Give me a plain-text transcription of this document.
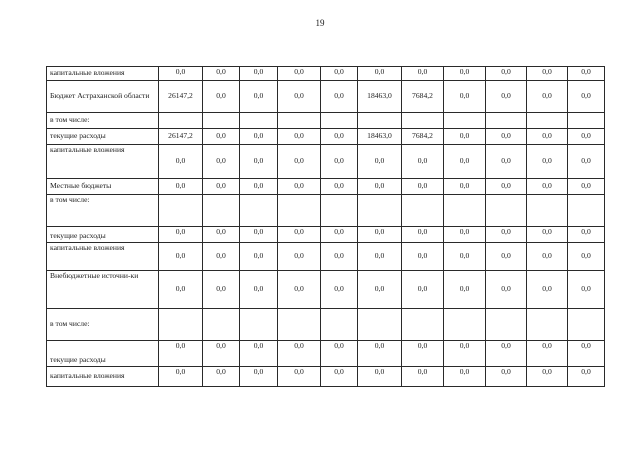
19
капитальные вложения	0,0	0,0	0,0	0,0	0,0	0,0	0,0	0,0	0,0	0,0	0,0
Бюджет Астраханской области	26147,2	0,0	0,0	0,0	0,0	18463,0	7684,2	0,0	0,0	0,0	0,0
в том числе:											
текущие расходы	26147,2	0,0	0,0	0,0	0,0	18463,0	7684,2	0,0	0,0	0,0	0,0
капитальные вложения	0,0	0,0	0,0	0,0	0,0	0,0	0,0	0,0	0,0	0,0	0,0
Местные бюджеты	0,0	0,0	0,0	0,0	0,0	0,0	0,0	0,0	0,0	0,0	0,0
в том числе:											
текущие расходы	0,0	0,0	0,0	0,0	0,0	0,0	0,0	0,0	0,0	0,0	0,0
капитальные вложения	0,0	0,0	0,0	0,0	0,0	0,0	0,0	0,0	0,0	0,0	0,0
Внебюджетные источни-ки	0,0	0,0	0,0	0,0	0,0	0,0	0,0	0,0	0,0	0,0	0,0
в том числе:											
текущие расходы	0,0	0,0	0,0	0,0	0,0	0,0	0,0	0,0	0,0	0,0	0,0
капитальные вложения	0,0	0,0	0,0	0,0	0,0	0,0	0,0	0,0	0,0	0,0	0,0
